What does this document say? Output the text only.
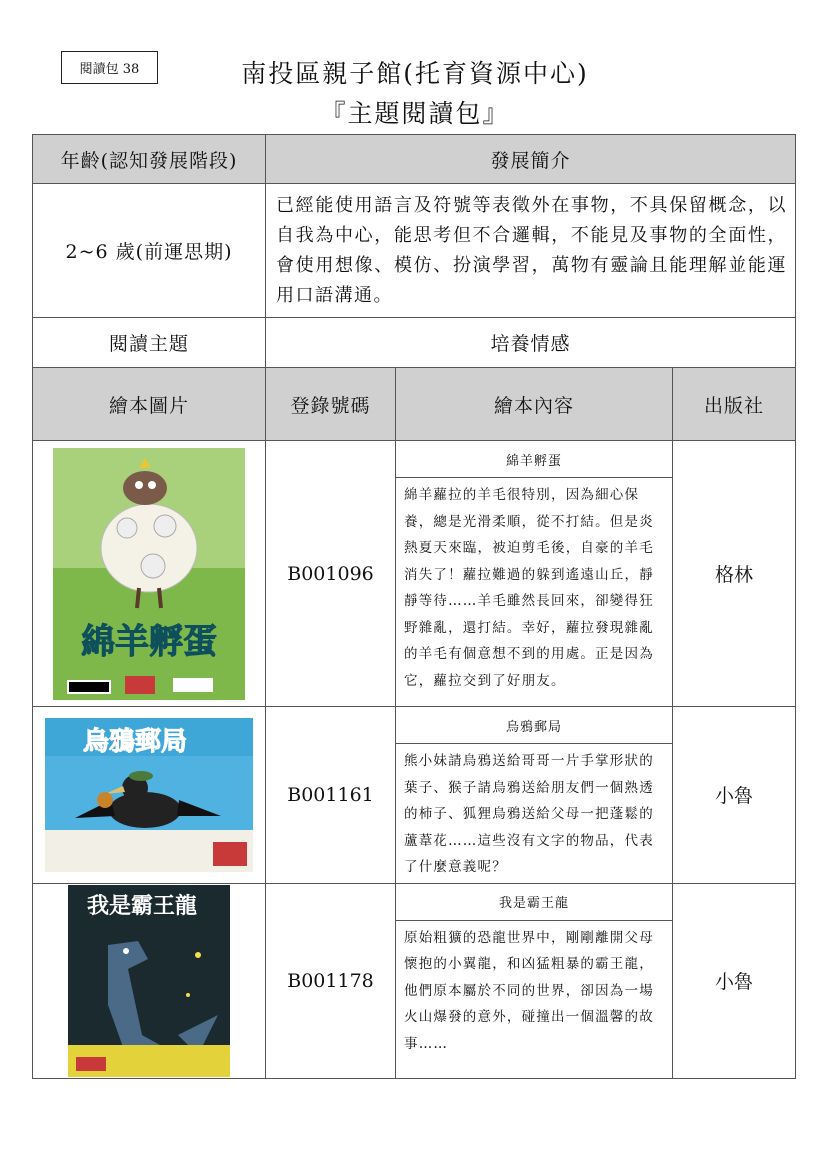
閱讀包 38	南投區親子館(托育資源中心)
『主題閱讀包』
年齡(認知發展階段)	發展簡介		
2~6 歲(前運思期)	已經能使用語言及符號等表徵外在事物，不具保留概念，以自我為中心，能思考但不合邏輯，不能見及事物的全面性，會使用想像、模仿、扮演學習，萬物有靈論且能理解並能運用口語溝通。		
閱讀主題	培養情感		
繪本圖片	登錄號碼	繪本內容	出版社

綿羊孵蛋	B001096	綿羊孵蛋
綿羊蘿拉的羊毛很特別，因為細心保養，總是光滑柔順，從不打結。但是炎熱夏天來臨，被迫剪毛後，自豪的羊毛消失了！蘿拉難過的躲到遙遠山丘，靜靜等待……羊毛雖然長回來，卻變得狂野雜亂，還打結。幸好，蘿拉發現雜亂的羊毛有個意想不到的用處。正是因為它，蘿拉交到了好朋友。	格林

烏鴉郵局	B001161	烏鴉郵局
熊小妹請烏鴉送給哥哥一片手掌形狀的葉子、猴子請烏鴉送給朋友們一個熟透的柿子、狐狸烏鴉送給父母一把蓬鬆的蘆葦花……這些沒有文字的物品，代表了什麼意義呢？	小魯

我是霸王龍	B001178	我是霸王龍
原始粗獷的恐龍世界中，剛剛離開父母懷抱的小翼龍，和凶猛粗暴的霸王龍，他們原本屬於不同的世界，卻因為一場火山爆發的意外，碰撞出一個溫馨的故事……	小魯
